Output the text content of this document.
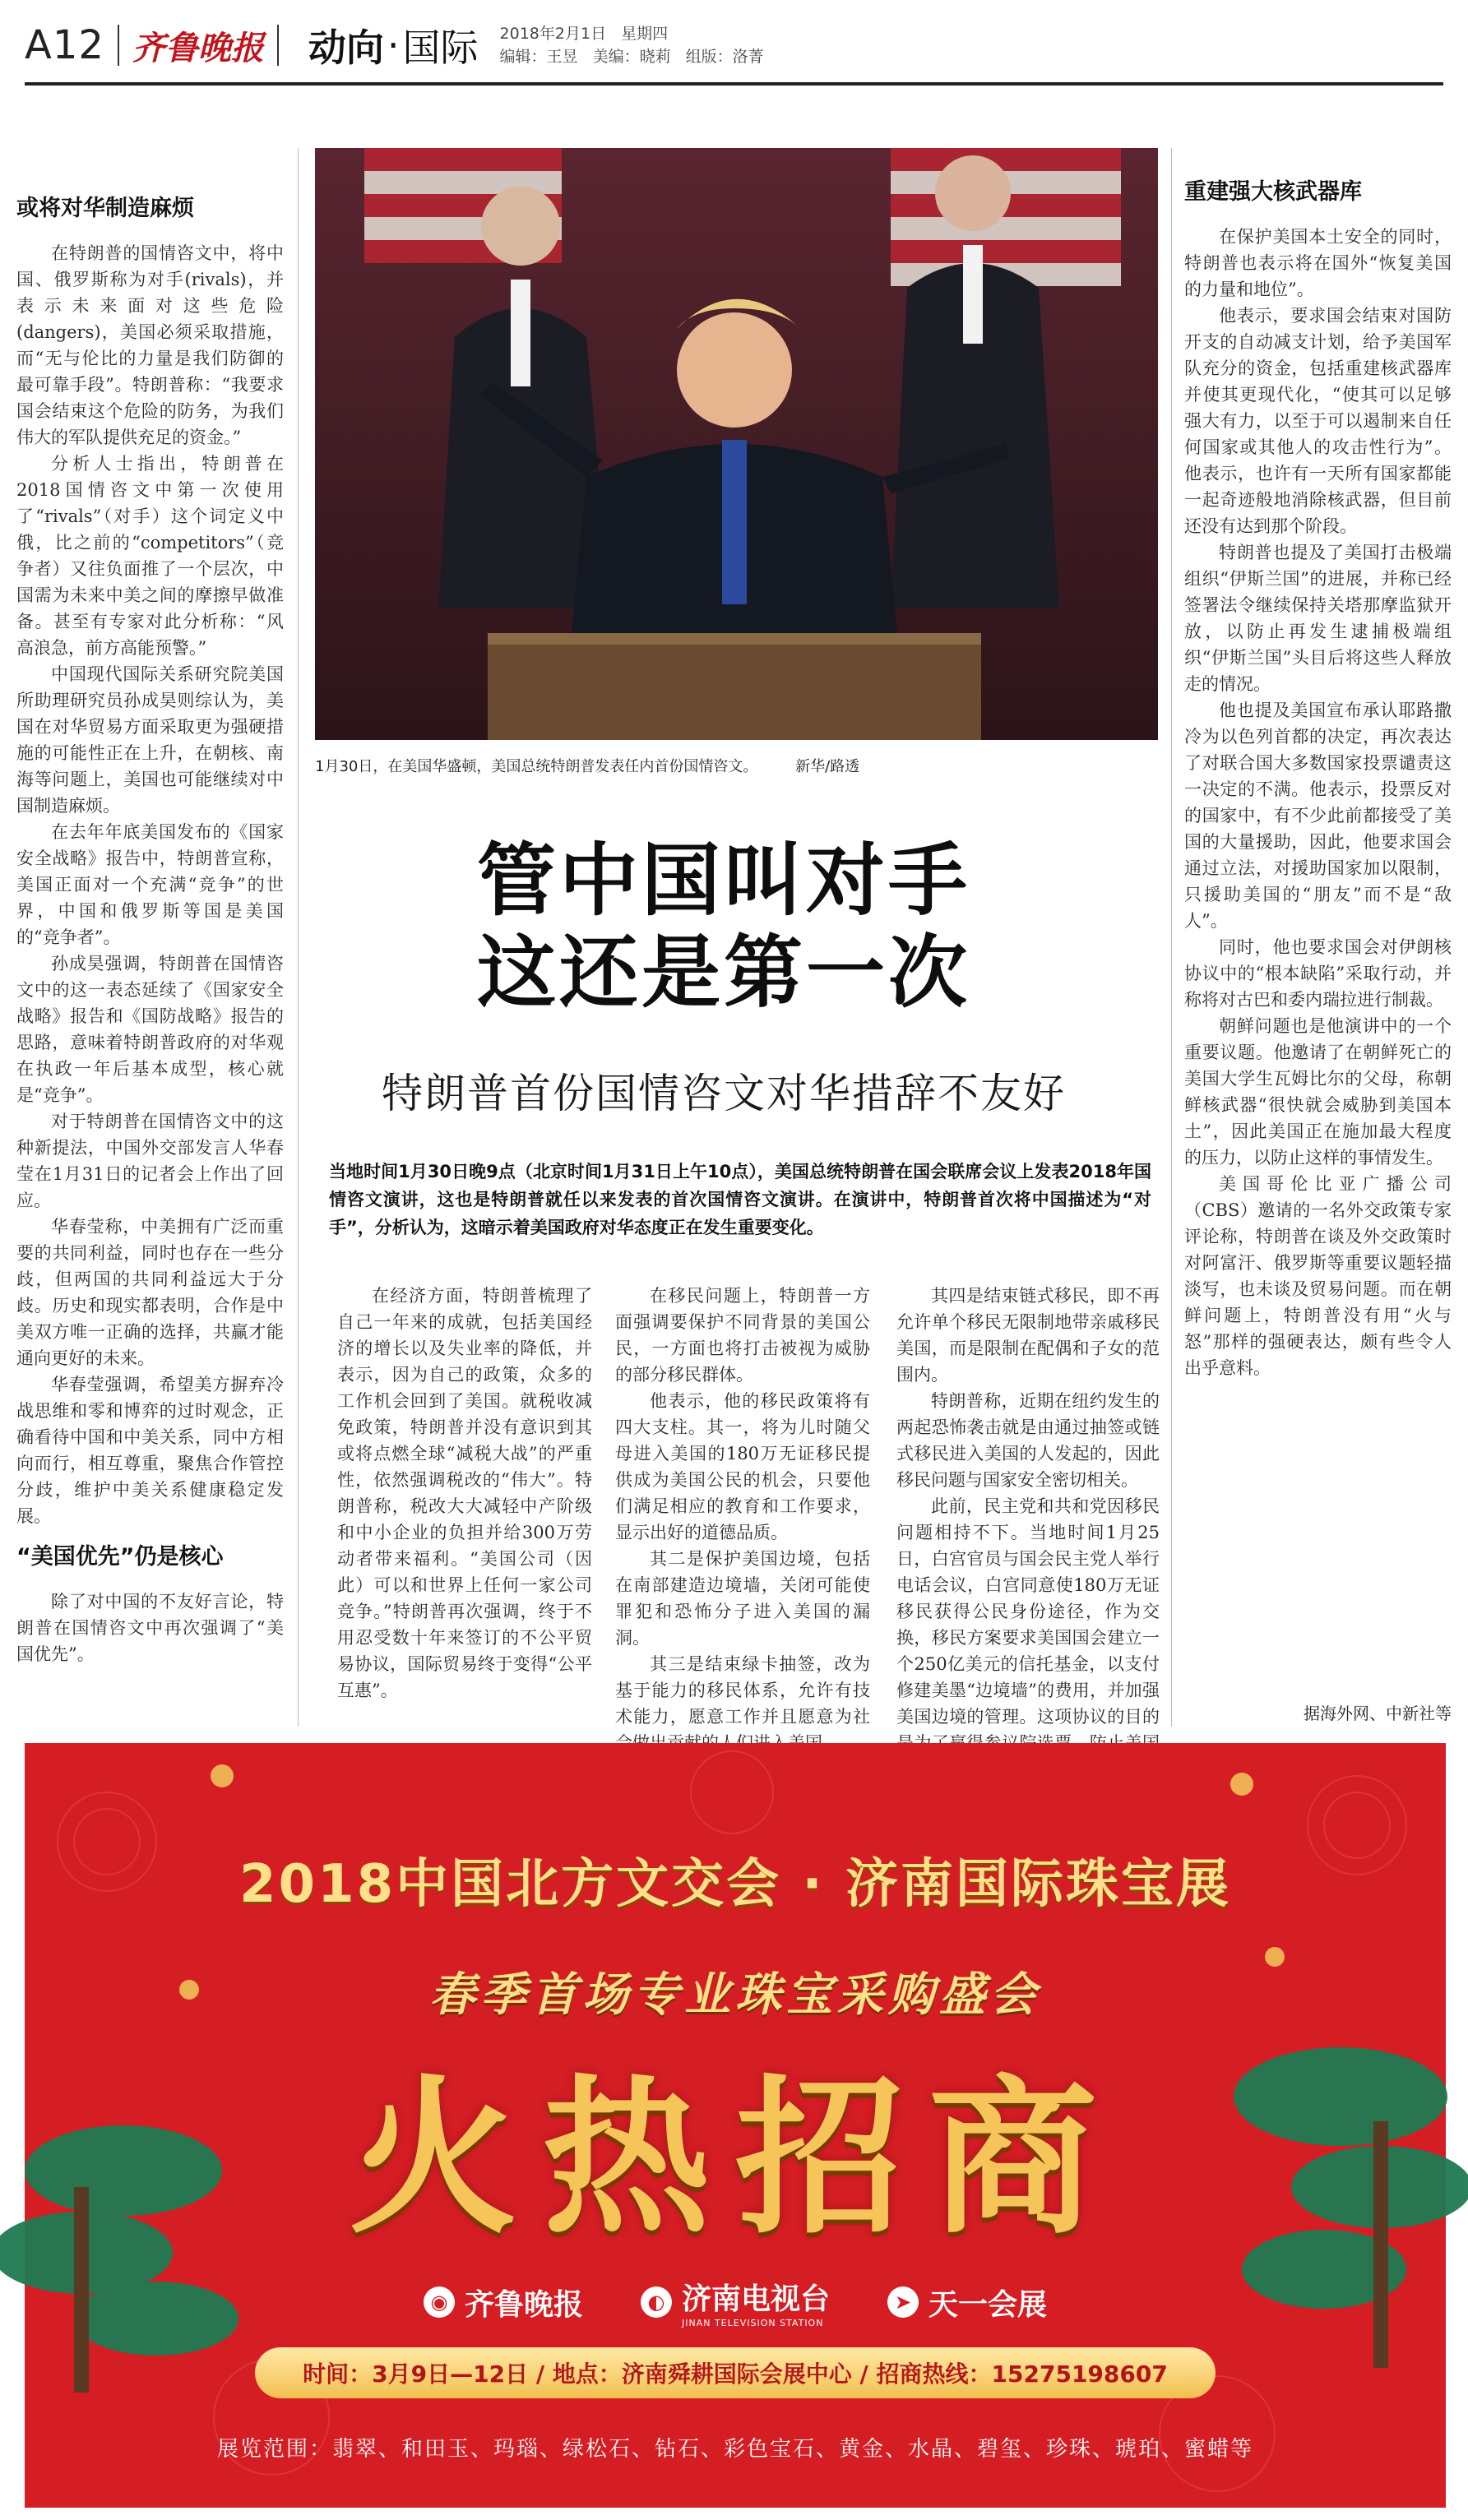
A12 齐鲁晚报 动向 · 国际 2018年2月1日 星期四
编辑：王昱 美编：晓莉 组版：洛菁
1月30日，在美国华盛顿，美国总统特朗普发表任内首份国情咨文。	新华/路透
管中国叫对手
这还是第一次
特朗普首份国情咨文对华措辞不友好
当地时间1月30日晚9点（北京时间1月31日上午10点），美国总统特朗普在国会联席会议上发表2018年国情咨文演讲，这也是特朗普就任以来发表的首次国情咨文演讲。在演讲中，特朗普首次将中国描述为“对手”，分析认为，这暗示着美国政府对华态度正在发生重要变化。
或将对华制造麻烦

在特朗普的国情咨文中，将中国、俄罗斯称为对手(rivals)，并表示未来面对这些危险(dangers)，美国必须采取措施，而“无与伦比的力量是我们防御的最可靠手段”。特朗普称：“我要求国会结束这个危险的防务，为我们伟大的军队提供充足的资金。”

分析人士指出，特朗普在2018国情咨文中第一次使用了“rivals”（对手）这个词定义中俄，比之前的“competitors”（竞争者）又往负面推了一个层次，中国需为未来中美之间的摩擦早做准备。甚至有专家对此分析称：“风高浪急，前方高能预警。”

中国现代国际关系研究院美国所助理研究员孙成昊则综认为，美国在对华贸易方面采取更为强硬措施的可能性正在上升，在朝核、南海等问题上，美国也可能继续对中国制造麻烦。

在去年年底美国发布的《国家安全战略》报告中，特朗普宣称，美国正面对一个充满“竞争”的世界，中国和俄罗斯等国是美国的“竞争者”。

孙成昊强调，特朗普在国情咨文中的这一表态延续了《国家安全战略》报告和《国防战略》报告的思路，意味着特朗普政府的对华观在执政一年后基本成型，核心就是“竞争”。

对于特朗普在国情咨文中的这种新提法，中国外交部发言人华春莹在1月31日的记者会上作出了回应。

华春莹称，中美拥有广泛而重要的共同利益，同时也存在一些分歧，但两国的共同利益远大于分歧。历史和现实都表明，合作是中美双方唯一正确的选择，共赢才能通向更好的未来。

华春莹强调，希望美方摒弃冷战思维和零和博弈的过时观念，正确看待中国和中美关系，同中方相向而行，相互尊重，聚焦合作管控分歧，维护中美关系健康稳定发展。

“美国优先”仍是核心

除了对中国的不友好言论，特朗普在国情咨文中再次强调了“美国优先”。

在经济方面，特朗普梳理了自己一年来的成就，包括美国经济的增长以及失业率的降低，并表示，因为自己的政策，众多的工作机会回到了美国。就税收减免政策，特朗普并没有意识到其或将点燃全球“减税大战”的严重性，依然强调税改的“伟大”。特朗普称，税改大大减轻中产阶级和中小企业的负担并给300万劳动者带来福利。“美国公司（因此）可以和世界上任何一家公司竞争。”特朗普再次强调，终于不用忍受数十年来签订的不公平贸易协议，国际贸易终于变得“公平互惠”。

在移民问题上，特朗普一方面强调要保护不同背景的美国公民，一方面也将打击被视为威胁的部分移民群体。

他表示，他的移民政策将有四大支柱。其一，将为儿时随父母进入美国的180万无证移民提供成为美国公民的机会，只要他们满足相应的教育和工作要求，显示出好的道德品质。

其二是保护美国边境，包括在南部建造边境墙，关闭可能使罪犯和恐怖分子进入美国的漏洞。

其三是结束绿卡抽签，改为基于能力的移民体系，允许有技术能力，愿意工作并且愿意为社

其四是结束链式移民，即不再允许单个移民无限制地带亲戚移民美国，而是限制在配偶和子女的范围内。

特朗普称，近期在纽约发生的两起恐怖袭击就是由通过抽签或链式移民进入美国的人发起的，因此移民问题与国家安全密切相关。

此前，民主党和共和党因移民问题相持不下。当地时间1月25日，白宫官员与国会民主党人举行电话会议，白宫同意使180万无证移民获得公民身份途径，作为交换，移民方案要求美国国会建立一个250亿美元的信托基金，以支付修建美墨“边境墙”的费用，并加强美国边境的管理。这项协议的目的

重建强大核武器库

在保护美国本土安全的同时，特朗普也表示将在国外“恢复美国的力量和地位”。

他表示，要求国会结束对国防开支的自动减支计划，给予美国军队充分的资金，包括重建核武器库并使其更现代化，“使其可以足够强大有力，以至于可以遏制来自任何国家或其他人的攻击性行为”。他表示，也许有一天所有国家都能一起奇迹般地消除核武器，但目前还没有达到那个阶段。

特朗普也提及了美国打击极端组织“伊斯兰国”的进展，并称已经签署法令继续保持关塔那摩监狱开放，以防止再发生逮捕极端组织“伊斯兰国”头目后将这些人释放走的情况。

他也提及美国宣布承认耶路撒冷为以色列首都的决定，再次表达了对联合国大多数国家投票谴责这一决定的不满。他表示，投票反对的国家中，有不少此前都接受了美国的大量援助，因此，他要求国会通过立法，对援助国家加以限制，只援助美国的“朋友”而不是“敌人”。

同时，他也要求国会对伊朗核协议中的“根本缺陷”采取行动，并称将对古巴和委内瑞拉进行制裁。

朝鲜问题也是他演讲中的一个重要议题。他邀请了在朝鲜死亡的美国大学生瓦姆比尔的父母，称朝鲜核武器“很快就会威胁到美国本土”，因此美国正在施加最大程度的压力，以防止这样的事情发生。

美国哥伦比亚广播公司（CBS）邀请的一名外交政策专家评论称，特朗普在谈及外交政策时对阿富汗、俄罗斯等重要议题轻描淡写，也未谈及贸易问题。而在朝鲜问题上，特朗普没有用“火与怒”那样的强硬表达，颇有些令人出乎意料。

据海外网、中新社等
2018中国北方文交会 · 济南国际珠宝展
春季首场专业珠宝采购盛会
火热招商
◉ 齐鲁晚报	◐ 济南电视台
JINAN TELEVISION STATION
➤ 天一会展
时间：3月9日—12日 / 地点：济南舜耕国际会展中心 / 招商热线：15275198607
展览范围：翡翠、和田玉、玛瑙、绿松石、钻石、彩色宝石、黄金、水晶、碧玺、珍珠、琥珀、蜜蜡等
